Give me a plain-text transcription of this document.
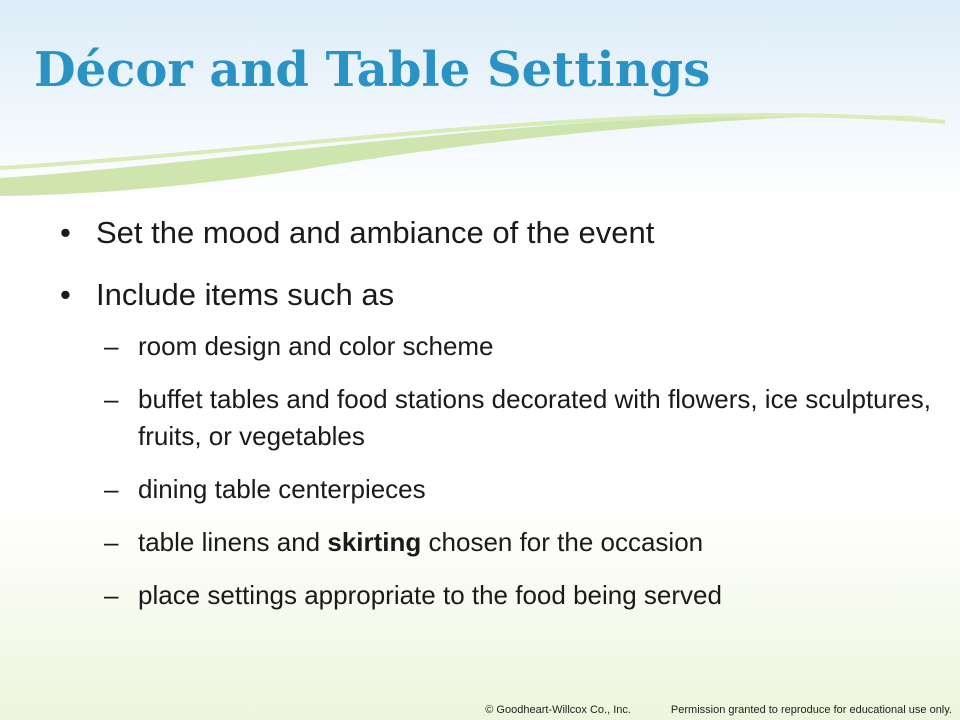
Décor and Table Settings
• Set the mood and ambiance of the event
• Include items such as
– room design and color scheme
– buffet tables and food stations decorated with flowers, ice sculptures, fruits, or vegetables
– dining table centerpieces
– table linens and skirting chosen for the occasion
– place settings appropriate to the food being served
© Goodheart-Willcox Co., Inc.	Permission granted to reproduce for educational use only.
